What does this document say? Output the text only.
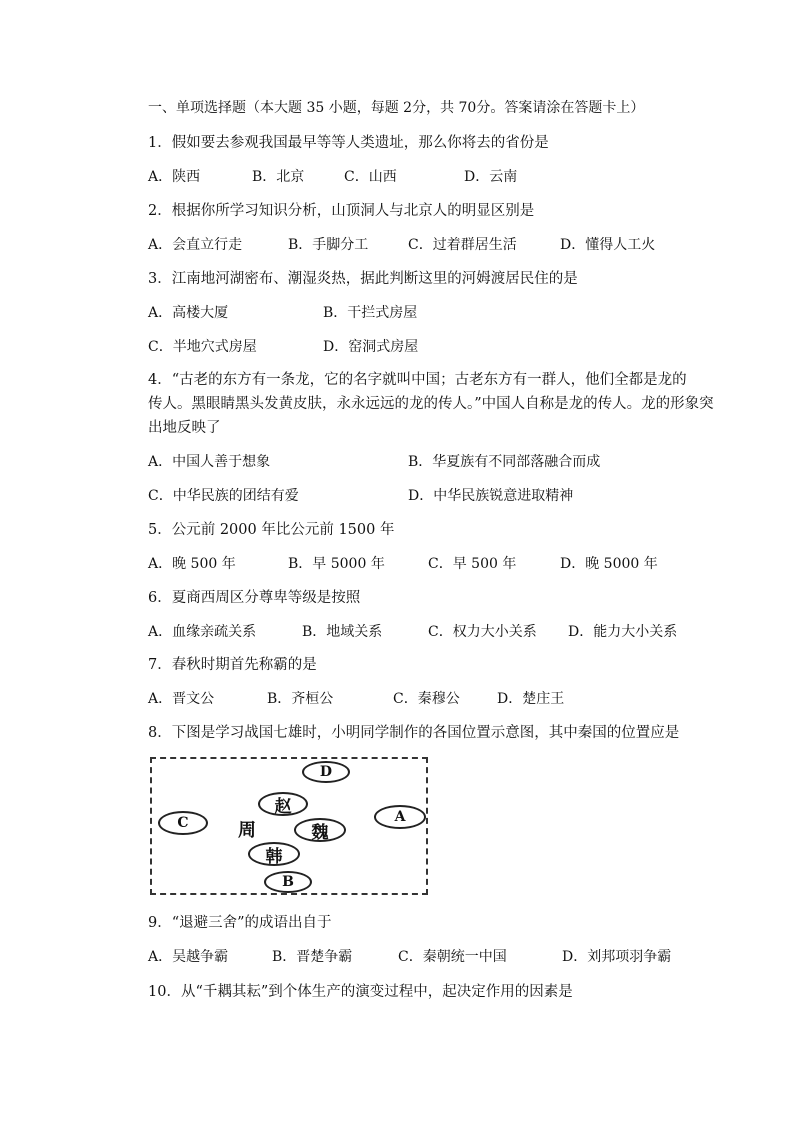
一、单项选择题（本大题 35 小题，每题 2分，共 70分。答案请涂在答题卡上）
1．假如要去参观我国最早等等人类遗址，那么你将去的省份是
A．陕西	B．北京	C．山西	D．云南
2．根据你所学习知识分析，山顶洞人与北京人的明显区别是
A．会直立行走	B．手脚分工	C．过着群居生活	D．懂得人工火
3．江南地河湖密布、潮湿炎热，据此判断这里的河姆渡居民住的是
A．高楼大厦	B．干拦式房屋
C．半地穴式房屋	D．窑洞式房屋
4．“古老的东方有一条龙，它的名字就叫中国；古老东方有一群人，他们全都是龙的
传人。黑眼睛黑头发黄皮肤，永永远远的龙的传人。”中国人自称是龙的传人。龙的形象突
出地反映了
A．中国人善于想象	B．华夏族有不同部落融合而成
C．中华民族的团结有爱	D．中华民族锐意进取精神
5．公元前 2000 年比公元前 1500 年
A．晚 500 年	B．早 5000 年	C．早 500 年	D．晚 5000 年
6．夏商西周区分尊卑等级是按照
A．血缘亲疏关系	B．地域关系	C．权力大小关系 D．能力大小关系
7．春秋时期首先称霸的是
A．晋文公	B．齐桓公	C．秦穆公	D．楚庄王
8．下图是学习战国七雄时，小明同学制作的各国位置示意图，其中秦国的位置应是
D
赵
C	A
周	魏
韩
B
9．“退避三舍”的成语出自于
A．吴越争霸	B．晋楚争霸	C．秦朝统一中国	D．刘邦项羽争霸
10．从“千耦其耘”到个体生产的演变过程中，起决定作用的因素是
